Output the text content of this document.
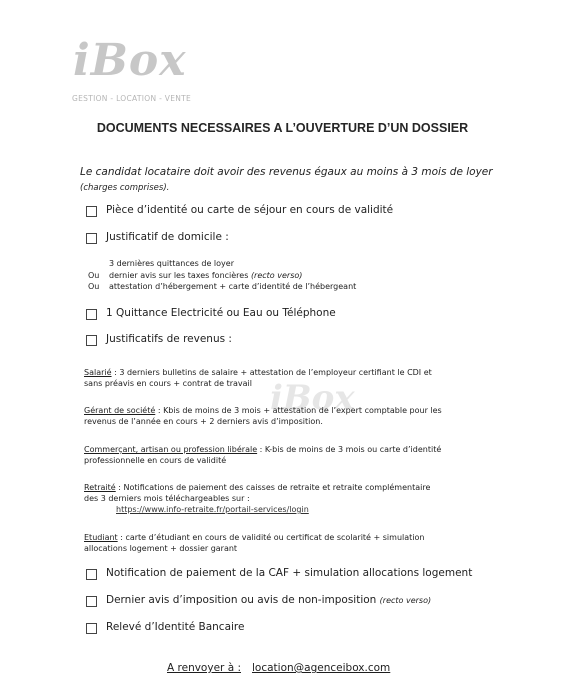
iBox
GESTION - LOCATION - VENTE
iBox
DOCUMENTS NECESSAIRES A L’OUVERTURE D’UN DOSSIER
Le candidat locataire doit avoir des revenus égaux au moins à 3 mois de loyer (charges comprises).
Pièce d’identité ou carte de séjour en cours de validité
Justificatif de domicile :
3 dernières quittances de loyer
Ou dernier avis sur les taxes foncières (recto verso)
Ou attestation d’hébergement + carte d’identité de l’hébergeant
1 Quittance Electricité ou Eau ou Téléphone
Justificatifs de revenus :
Salarié : 3 derniers bulletins de salaire + attestation de l’employeur certifiant le CDI et
sans préavis en cours + contrat de travail
Gérant de société : Kbis de moins de 3 mois + attestation de l’expert comptable pour les
revenus de l’année en cours + 2 derniers avis d’imposition.
Commerçant, artisan ou profession libérale : K-bis de moins de 3 mois ou carte d’identité
professionnelle en cours de validité
Retraité : Notifications de paiement des caisses de retraite et retraite complémentaire
des 3 derniers mois téléchargeables sur :
https://www.info-retraite.fr/portail-services/login
Etudiant : carte d’étudiant en cours de validité ou certificat de scolarité + simulation
allocations logement + dossier garant
Notification de paiement de la CAF + simulation allocations logement
Dernier avis d’imposition ou avis de non-imposition (recto verso)
Relevé d’Identité Bancaire
A renvoyer à : location@agenceibox.com
